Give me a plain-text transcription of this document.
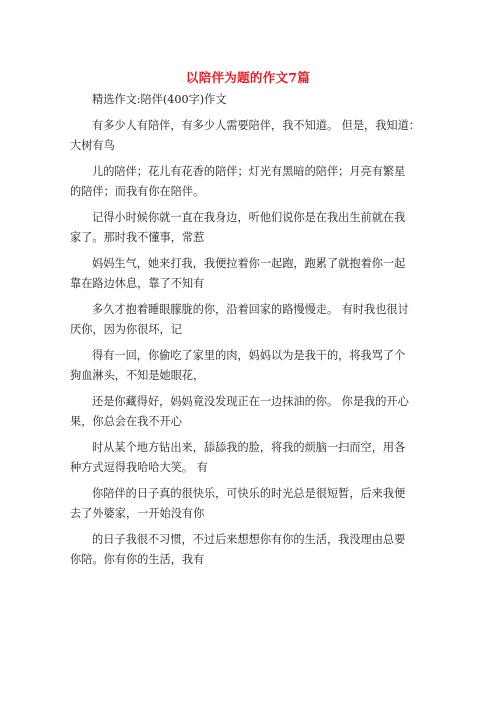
以陪伴为题的作文7篇

精选作文:陪伴(400字)作文

有多少人有陪伴，有多少人需要陪伴，我不知道。 但是，我知道：
大树有鸟
儿的陪伴；花儿有花香的陪伴；灯光有黑暗的陪伴；月亮有繁星
的陪伴；而我有你在陪伴。
记得小时候你就一直在我身边，听他们说你是在我出生前就在我
家了。那时我不懂事，常惹
妈妈生气，她来打我，我便拉着你一起跑，跑累了就抱着你一起
靠在路边休息，靠了不知有
多久才抱着睡眼朦胧的你，沿着回家的路慢慢走。 有时我也很讨
厌你，因为你很坏，记
得有一回，你偷吃了家里的肉，妈妈以为是我干的，将我骂了个
狗血淋头，不知是她眼花，
还是你藏得好，妈妈竟没发现正在一边抹油的你。 你是我的开心
果，你总会在我不开心
时从某个地方钻出来，舔舔我的脸，将我的烦脑一扫而空，用各
种方式逗得我哈哈大笑。 有
你陪伴的日子真的很快乐，可快乐的时光总是很短暂，后来我便
去了外婆家，一开始没有你
的日子我很不习惯，不过后来想想你有你的生活，我没理由总要
你陪。你有你的生活，我有
